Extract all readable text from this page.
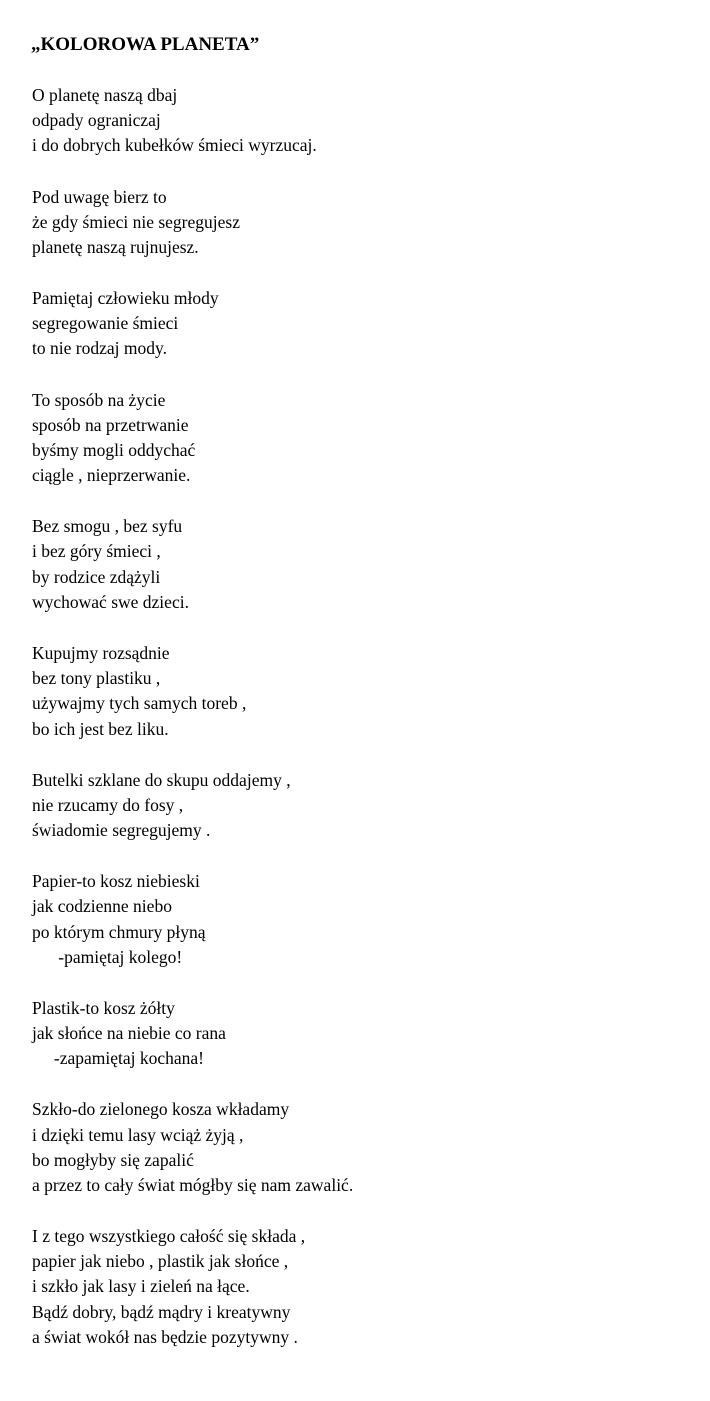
„KOLOROWA PLANETA”
O planetę naszą dbaj
odpady ograniczaj
i do dobrych kubełków śmieci wyrzucaj.
Pod uwagę bierz to
że gdy śmieci nie segregujesz
planetę naszą rujnujesz.
Pamiętaj człowieku młody
segregowanie śmieci
to nie rodzaj mody.
To sposób na życie
sposób na przetrwanie
byśmy mogli oddychać
ciągle , nieprzerwanie.
Bez smogu , bez syfu
i bez góry śmieci ,
by rodzice zdążyli
wychować swe dzieci.
Kupujmy rozsądnie
bez tony plastiku ,
używajmy tych samych toreb ,
bo ich jest bez liku.
Butelki szklane do skupu oddajemy ,
nie rzucamy do fosy ,
świadomie segregujemy .
Papier-to kosz niebieski
jak codzienne niebo
po którym chmury płyną
-pamiętaj kolego!
Plastik-to kosz żółty
jak słońce na niebie co rana
-zapamiętaj kochana!
Szkło-do zielonego kosza wkładamy
i dzięki temu lasy wciąż żyją ,
bo mogłyby się zapalić
a przez to cały świat mógłby się nam zawalić.
I z tego wszystkiego całość się składa ,
papier jak niebo , plastik jak słońce ,
i szkło jak lasy i zieleń na łące.
Bądź dobry, bądź mądry i kreatywny
a świat wokół nas będzie pozytywny .
